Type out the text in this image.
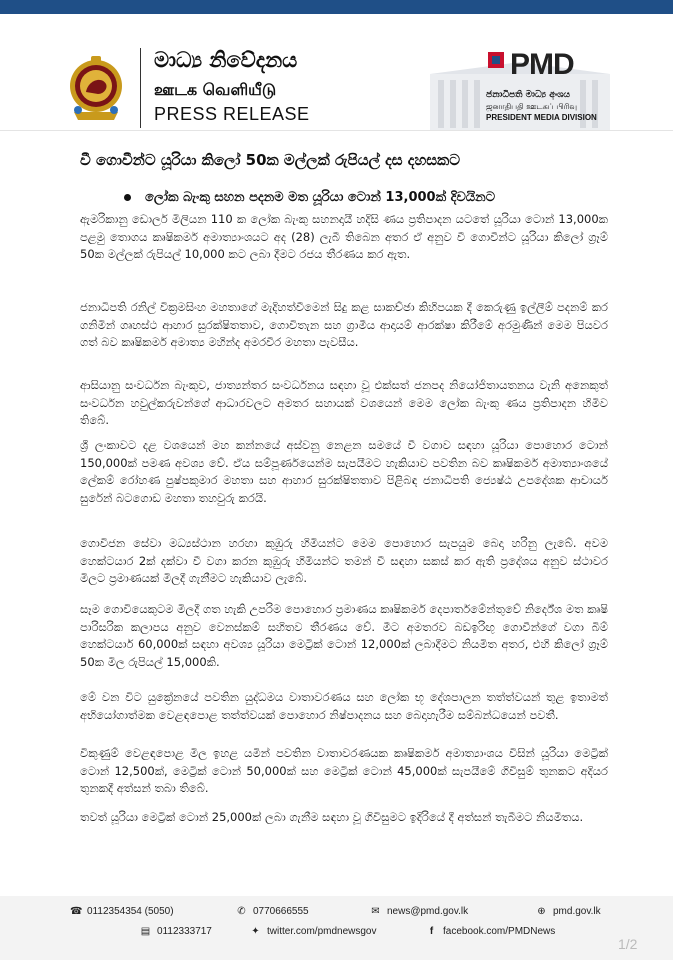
මාධ්‍ය නිවේදනය
ஊடக வெளியீடு
PRESS RELEASE
PMD
ජනාධිපති මාධ්‍ය අංශය
ஜனாதிபதி ஊடகப் பிரிவு
PRESIDENT MEDIA DIVISION
වී ගොවීන්ට යූරියා කිලෝ 50ක මල්ලක් රුපියල් දස දහසකට
ලෝක බැංකු සහන පදනම මත යූරියා ටොන් 13,000ක් දිවයිනට
ඇමරිකානු ඩොලර් මිලියන 110 ක ලෝක බැංකු සහනදායී හදිසි ණය ප්‍රතිපාදන යටතේ යූරියා ටොන් 13,000ක පළමු තොගය කෘෂිකර්ම අමාත්‍යාංශයට අද (28) ලැබී තිබෙන අතර ඒ අනුව වී ගොවීන්ට යූරියා කිලෝ ග්‍රෑම් 50ක මල්ලක් රුපියල් 10,000 කට ලබා දීමට රජය තීරණය කර ඇත.
ජනාධිපති රනිල් වික්‍රමසිංහ මහතාගේ මැදිහත්වීමෙන් සිදු කළ සාකච්ඡා කිහිපයක දී කෙරුණු ඉල්ලීම් පදනම් කර ගනිමින් ගෘහස්ථ ආහාර සුරක්ෂිතතාව, ගොවිතැන සහ ග්‍රාමීය ආදායම් ආරක්ෂා කිරීමේ අරමුණින් මෙම පියවර ගත් බව කෘෂිකර්ම අමාත්‍ය මහින්ද අමරවීර මහතා පැවසීය.
ආසියානු සංවර්ධන බැංකුව, ජාත්‍යන්තර සංවර්ධනය සඳහා වූ එක්සත් ජනපද නියෝජිතායතනය වැනි අනෙකුත් සංවර්ධන හවුල්කරුවන්ගේ ආධාරවලට අමතර සහායක් වශයෙන් මෙම ලෝක බැංකු ණය ප්‍රතිපාදන හිමිව තිබේ.
ශ්‍රී ලංකාවට දළ වශයෙන් මහ කන්නයේ අස්වනු නෙළන සමයේ වී වගාව සඳහා යූරියා පොහොර ටොන් 150,000ක් පමණ අවශ්‍ය වේ. ඒය සම්පූර්ණයෙන්ම සැපයීමට හැකියාව පවතින බව කෘෂිකර්ම අමාත්‍යාංශයේ ලේකම් රෝහණ පුෂ්පකුමාර මහතා සහ ආහාර සුරක්ෂිතතාව පිළිබඳ ජනාධිපති ජ්‍යෙෂ්ඨ උපදේශක ආචාර්ය සුරේන් බටගොඩ මහතා තහවුරු කරයි.
ගොවිජන සේවා මධ්‍යස්ථාන හරහා කුඹුරු හිමියන්ට මෙම පොහොර සැපයුම බෙදා හරිනු ලැබේ. අවම හෙක්ටයාර 2ක් දක්වා වී වගා කරන කුඹුරු හිමියන්ට තමන් වී සඳහා සකස් කර ඇති ප්‍රදේශය අනුව ස්ථාවර මිලට ප්‍රමාණයක් මිලදී ගැනීමට හැකියාව ලැබේ.
සෑම ගොවියෙකුටම මිලදී ගත හැකි උපරිම පොහොර ප්‍රමාණය කෘෂිකර්ම දෙපාර්තමේන්තුවේ නිර්දේශ මත කෘෂි පාරිසරික කලාපය අනුව වෙනස්කම් සහිතව තීරණය වේ. මීට අමතරව බඩඉරිඟු ගොවීන්ගේ වගා බිම් හෙක්ටයාර් 60,000ක් සඳහා අවශ්‍ය යූරියා මෙට්‍රික් ටොන් 12,000ක් ලබාදීමට නියමිත අතර, එහි කිලෝ ග්‍රෑම් 50ක මිල රුපියල් 15,000කි.
මේ වන විට යුක්‍රේනයේ පවතින යුද්ධමය වාතාවරණය සහ ලෝක භූ දේශපාලන තත්ත්වයන් තුළ ඉතාමත් අභියෝගාත්මක වෙළඳපොළ තත්ත්වයක් පොහොර නිෂ්පාදනය සහ බෙදාහැරීම සම්බන්ධයෙන් පවතී.
විකුණුම් වෙළඳපොළ මිල ඉහළ යමින් පවතින වාතාවරණයක කෘෂිකර්ම අමාත්‍යාංශය විසින් යූරියා මෙට්‍රික් ටොන් 12,500ක්, මෙට්‍රික් ටොන් 50,000ක් සහ මෙට්‍රික් ටොන් 45,000ක් සැපයීමේ ගිවිසුම් තුනකට අදියර තුනකදී අත්සන් තබා තිබේ.
තවත් යූරියා මෙට්‍රික් ටොන් 25,000ක් ලබා ගැනීම සඳහා වූ ගිවිසුමට ඉදිරියේ දී අත්සන් තැබීමට නියමිතය.
☎ 0112354354 (5050)	✆ 0770666555	✉ news@pmd.gov.lk	⊕ pmd.gov.lk
▤ 0112333717	✦ twitter.com/pmdnewsgov	f facebook.com/PMDNews
1/2
